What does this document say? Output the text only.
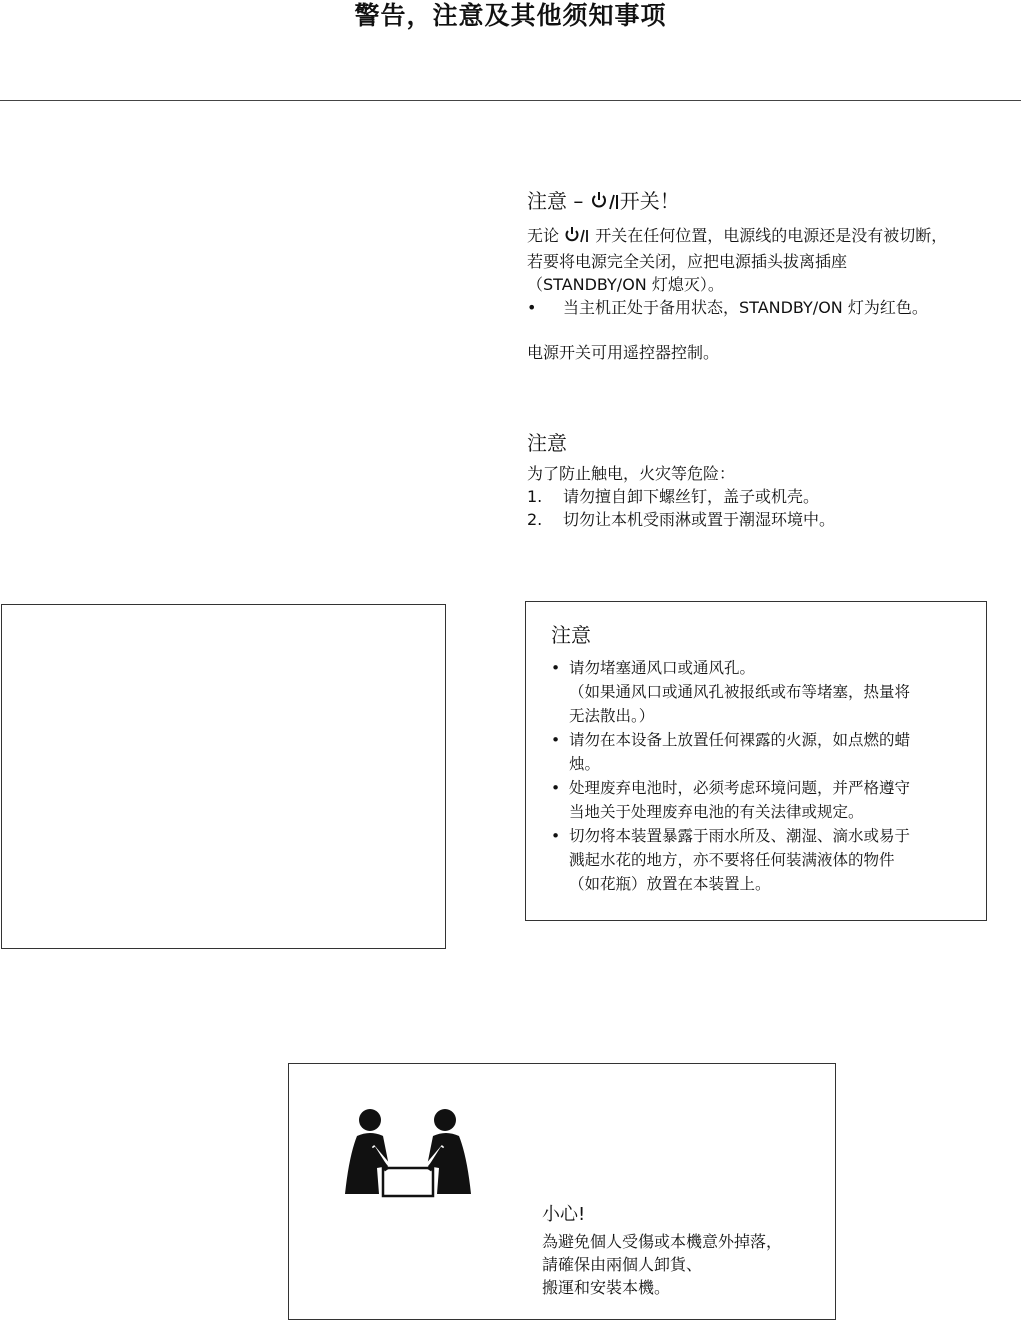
警告，注意及其他须知事项
注意 – 开关！
无论 开关在任何位置，电源线的电源还是没有被切断，
若要将电源完全关闭，应把电源插头拔离插座
（STANDBY/ON 灯熄灭）。
•	当主机正处于备用状态，STANDBY/ON 灯为红色。
电源开关可用遥控器控制。
注意
为了防止触电，火灾等危险：
1.	请勿擅自卸下螺丝钉，盖子或机壳。
2.	切勿让本机受雨淋或置于潮湿环境中。
注意
• 请勿堵塞通风口或通风孔。
（如果通风口或通风孔被报纸或布等堵塞，热量将
无法散出。）
• 请勿在本设备上放置任何裸露的火源，如点燃的蜡
烛。
• 处理废弃电池时，必须考虑环境问题，并严格遵守
当地关于处理废弃电池的有关法律或规定。
• 切勿将本装置暴露于雨水所及、潮湿、滴水或易于
溅起水花的地方，亦不要将任何装满液体的物件
（如花瓶）放置在本装置上。
小心!
為避免個人受傷或本機意外掉落，
請確保由兩個人卸貨、
搬運和安裝本機。
